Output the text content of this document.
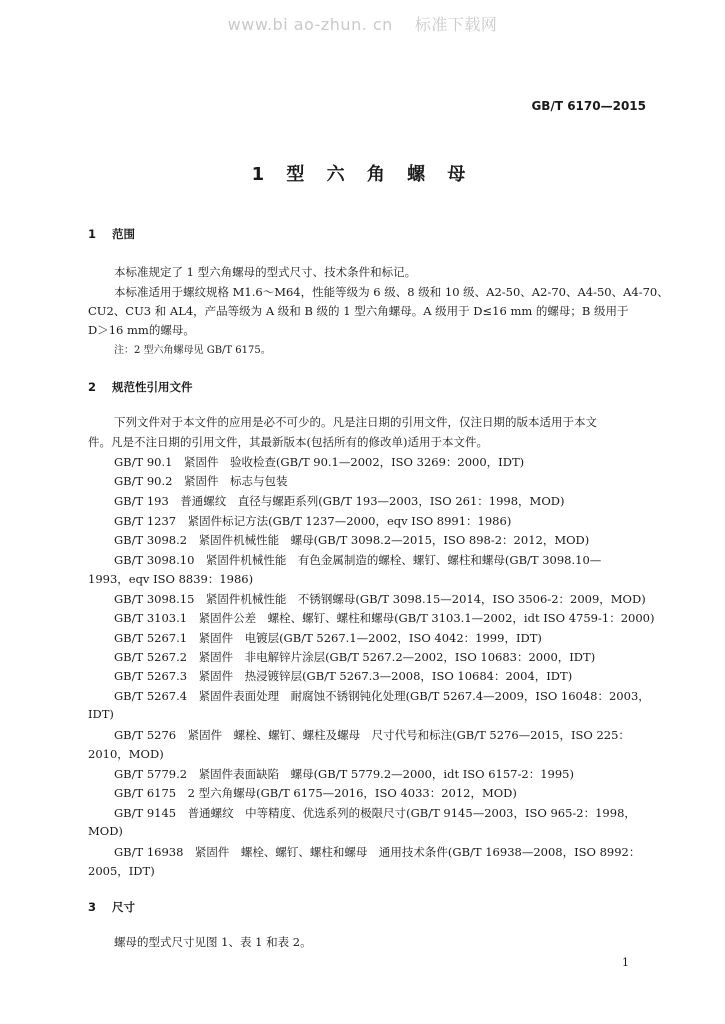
www.bi ao-zhun. cn 标准下载网
GB/T 6170—2015
1 型 六 角 螺 母
1 范围
本标准规定了 1 型六角螺母的型式尺寸、技术条件和标记。
本标准适用于螺纹规格 M1.6～M64，性能等级为 6 级、8 级和 10 级、A2-50、A2-70、A4-50、A4-70、
CU2、CU3 和 AL4，产品等级为 A 级和 B 级的 1 型六角螺母。A 级用于 D≤16 mm 的螺母；B 级用于
D＞16 mm的螺母。
注：2 型六角螺母见 GB/T 6175。
2 规范性引用文件
下列文件对于本文件的应用是必不可少的。凡是注日期的引用文件，仅注日期的版本适用于本文
件。凡是不注日期的引用文件，其最新版本(包括所有的修改单)适用于本文件。
GB/T 90.1　紧固件　验收检查(GB/T 90.1—2002，ISO 3269：2000，IDT)
GB/T 90.2　紧固件　标志与包装
GB/T 193　普通螺纹　直径与螺距系列(GB/T 193—2003，ISO 261：1998，MOD)
GB/T 1237　紧固件标记方法(GB/T 1237—2000，eqv ISO 8991：1986)
GB/T 3098.2　紧固件机械性能　螺母(GB/T 3098.2—2015，ISO 898-2：2012，MOD)
GB/T 3098.10　紧固件机械性能　有色金属制造的螺栓、螺钉、螺柱和螺母(GB/T 3098.10—
1993，eqv ISO 8839：1986)
GB/T 3098.15　紧固件机械性能　不锈钢螺母(GB/T 3098.15—2014，ISO 3506-2：2009，MOD)
GB/T 3103.1　紧固件公差　螺栓、螺钉、螺柱和螺母(GB/T 3103.1—2002，idt ISO 4759-1：2000)
GB/T 5267.1　紧固件　电镀层(GB/T 5267.1—2002，ISO 4042：1999，IDT)
GB/T 5267.2　紧固件　非电解锌片涂层(GB/T 5267.2—2002，ISO 10683：2000，IDT)
GB/T 5267.3　紧固件　热浸镀锌层(GB/T 5267.3—2008，ISO 10684：2004，IDT)
GB/T 5267.4　紧固件表面处理　耐腐蚀不锈钢钝化处理(GB/T 5267.4—2009，ISO 16048：2003，
IDT)
GB/T 5276　紧固件　螺栓、螺钉、螺柱及螺母　尺寸代号和标注(GB/T 5276—2015，ISO 225：
2010，MOD)
GB/T 5779.2　紧固件表面缺陷　螺母(GB/T 5779.2—2000，idt ISO 6157-2：1995)
GB/T 6175　2 型六角螺母(GB/T 6175—2016，ISO 4033：2012，MOD)
GB/T 9145　普通螺纹　中等精度、优选系列的极限尺寸(GB/T 9145—2003，ISO 965-2：1998，
MOD)
GB/T 16938　紧固件　螺栓、螺钉、螺柱和螺母　通用技术条件(GB/T 16938—2008，ISO 8992：
2005，IDT)
3 尺寸
螺母的型式尺寸见图 1、表 1 和表 2。
1
